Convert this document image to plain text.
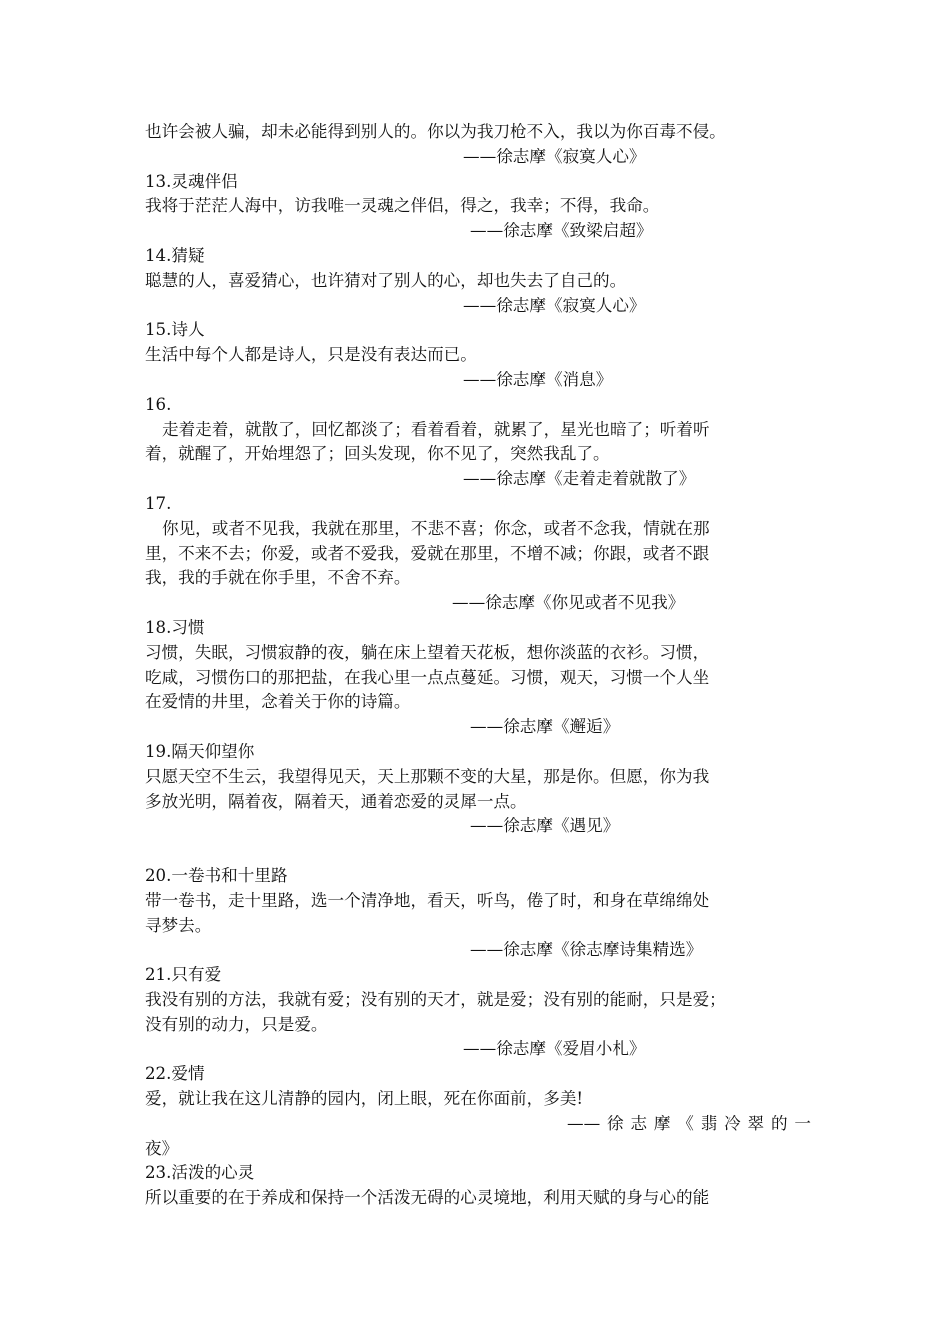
也许会被人骗，却未必能得到别人的。你以为我刀枪不入，我以为你百毒不侵。
——徐志摩《寂寞人心》
13.灵魂伴侣
我将于茫茫人海中，访我唯一灵魂之伴侣，得之，我幸；不得，我命。
——徐志摩《致梁启超》
14.猜疑
聪慧的人，喜爱猜心，也许猜对了别人的心，却也失去了自己的。
——徐志摩《寂寞人心》
15.诗人
生活中每个人都是诗人，只是没有表达而已。
——徐志摩《消息》
16.
走着走着，就散了，回忆都淡了；看着看着，就累了，星光也暗了；听着听
着，就醒了，开始埋怨了；回头发现，你不见了，突然我乱了。
——徐志摩《走着走着就散了》
17.
你见，或者不见我，我就在那里，不悲不喜；你念，或者不念我，情就在那
里，不来不去；你爱，或者不爱我，爱就在那里，不增不减；你跟，或者不跟
我，我的手就在你手里，不舍不弃。
——徐志摩《你见或者不见我》
18.习惯
习惯，失眠，习惯寂静的夜，躺在床上望着天花板，想你淡蓝的衣衫。习惯，
吃咸，习惯伤口的那把盐，在我心里一点点蔓延。习惯，观天，习惯一个人坐
在爱情的井里，念着关于你的诗篇。
——徐志摩《邂逅》
19.隔天仰望你
只愿天空不生云，我望得见天，天上那颗不变的大星，那是你。但愿，你为我
多放光明，隔着夜，隔着天，通着恋爱的灵犀一点。
——徐志摩《遇见》
20.一卷书和十里路
带一卷书，走十里路，选一个清净地，看天，听鸟，倦了时，和身在草绵绵处
寻梦去。
——徐志摩《徐志摩诗集精选》
21.只有爱
我没有别的方法，我就有爱；没有别的天才，就是爱；没有别的能耐，只是爱；
没有别的动力，只是爱。
——徐志摩《爱眉小札》
22.爱情
爱，就让我在这儿清静的园内，闭上眼，死在你面前，多美!
——徐志摩《翡冷翠的一
夜》
23.活泼的心灵
所以重要的在于养成和保持一个活泼无碍的心灵境地，利用天赋的身与心的能
